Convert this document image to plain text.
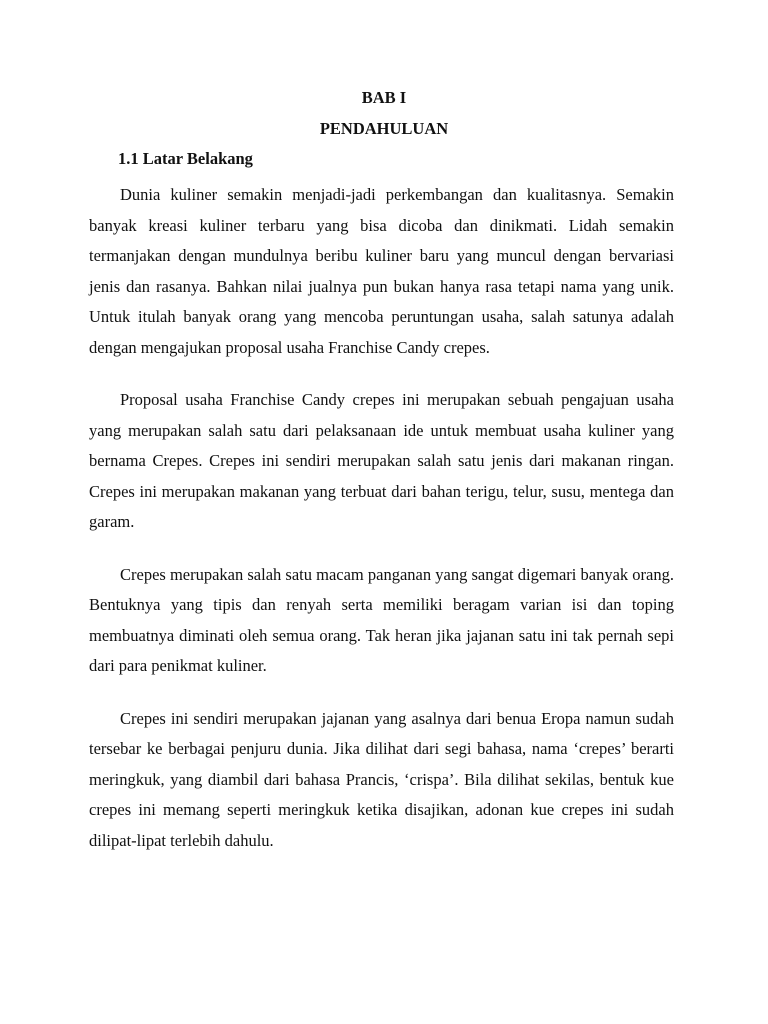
BAB I
PENDAHULUAN
1.1 Latar Belakang

Dunia kuliner semakin menjadi-jadi perkembangan dan kualitasnya. Semakin banyak kreasi kuliner terbaru yang bisa dicoba dan dinikmati. Lidah semakin termanjakan dengan mundulnya beribu kuliner baru yang muncul dengan bervariasi jenis dan rasanya. Bahkan nilai jualnya pun bukan hanya rasa tetapi nama yang unik. Untuk itulah banyak orang yang mencoba peruntungan usaha, salah satunya adalah dengan mengajukan proposal usaha Franchise Candy crepes.

Proposal usaha Franchise Candy crepes ini merupakan sebuah pengajuan usaha yang merupakan salah satu dari pelaksanaan ide untuk membuat usaha kuliner yang bernama Crepes. Crepes ini sendiri merupakan salah satu jenis dari makanan ringan. Crepes ini merupakan makanan yang terbuat dari bahan terigu, telur, susu, mentega dan garam.

Crepes merupakan salah satu macam panganan yang sangat digemari banyak orang. Bentuknya yang tipis dan renyah serta memiliki beragam varian isi dan toping membuatnya diminati oleh semua orang. Tak heran jika jajanan satu ini tak pernah sepi dari para penikmat kuliner.

Crepes ini sendiri merupakan jajanan yang asalnya dari benua Eropa namun sudah tersebar ke berbagai penjuru dunia. Jika dilihat dari segi bahasa, nama ‘crepes’ berarti meringkuk, yang diambil dari bahasa Prancis, ‘crispa’. Bila dilihat sekilas, bentuk kue crepes ini memang seperti meringkuk ketika disajikan, adonan kue crepes ini sudah dilipat-lipat terlebih dahulu.
